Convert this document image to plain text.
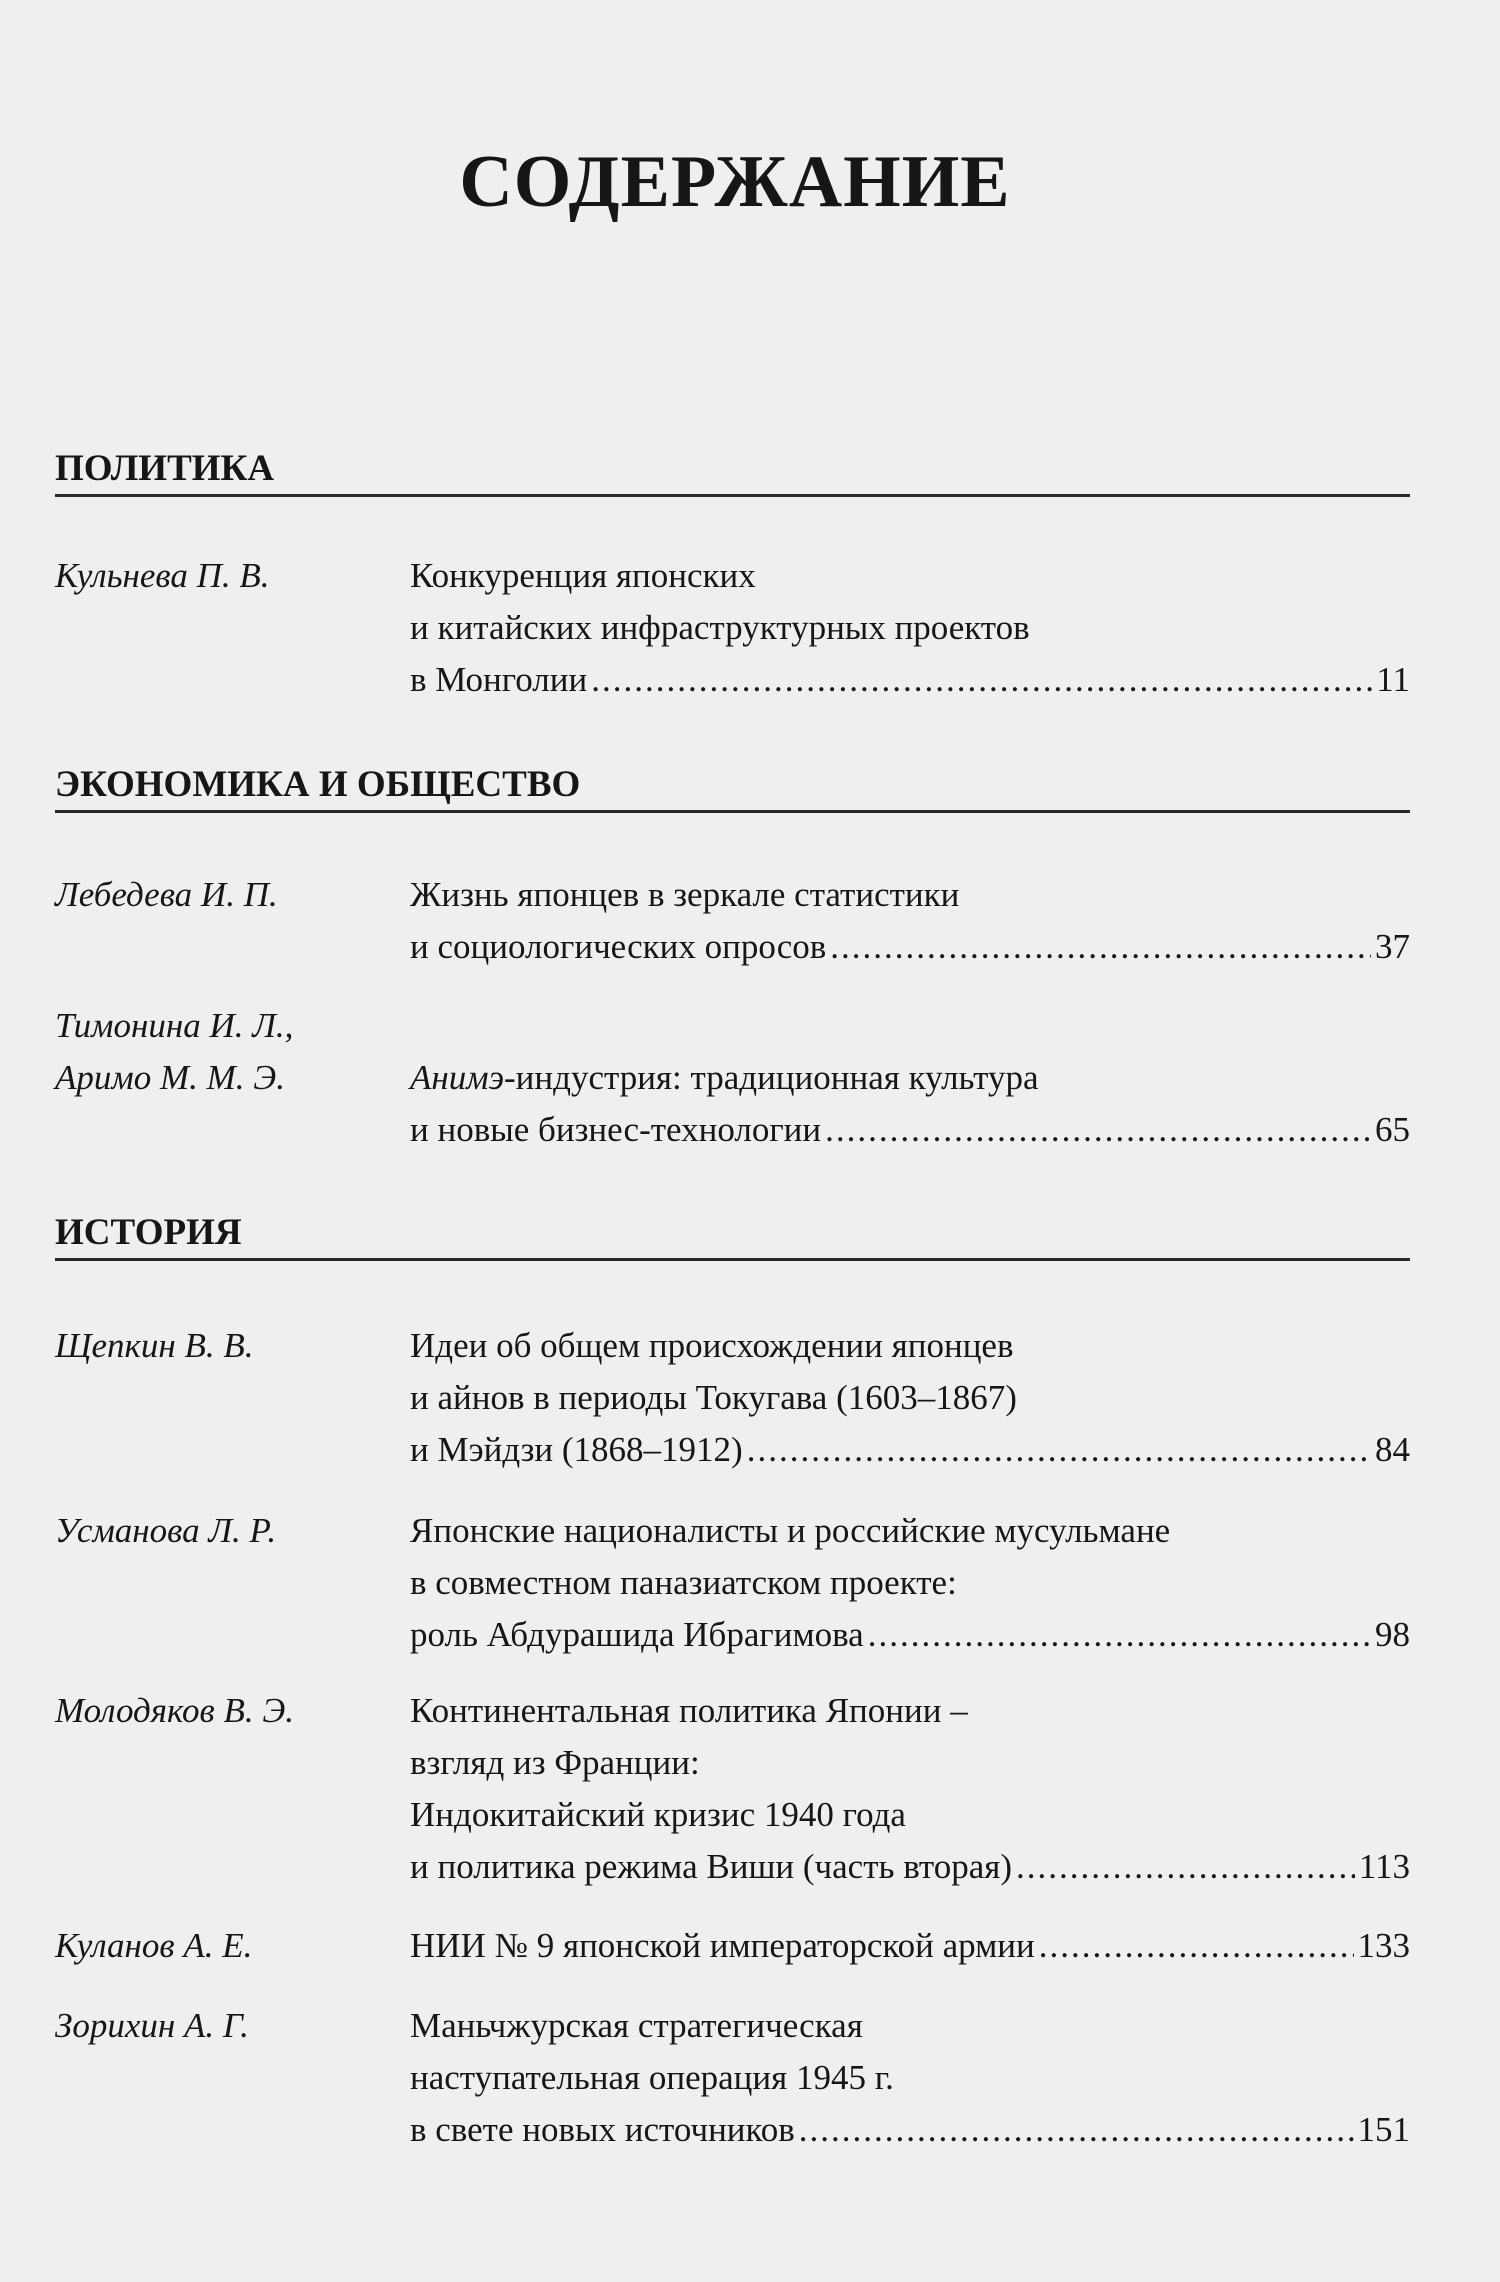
СОДЕРЖАНИЕ
ПОЛИТИКА
Кульнева П. В.	Конкуренция японских
и китайских инфраструктурных проектов
в Монголии .....	11
ЭКОНОМИКА И ОБЩЕСТВО
Лебедева И. П.	Жизнь японцев в зеркале статистики
и социологических опросов .....	37
Тимонина И. Л.,
Аримо М. М. Э.	Анимэ-индустрия: традиционная культура
и новые бизнес-технологии .....	65
ИСТОРИЯ
Щепкин В. В.	Идеи об общем происхождении японцев
и айнов в периоды Токугава (1603–1867)
и Мэйдзи (1868–1912) .....	84
Усманова Л. Р.	Японские националисты и российские мусульмане
в совместном паназиатском проекте:
роль Абдурашида Ибрагимова .....	98
Молодяков В. Э.	Континентальная политика Японии –
взгляд из Франции:
Индокитайский кризис 1940 года
и политика режима Виши (часть вторая) .....	113
Куланов А. Е.	НИИ № 9 японской императорской армии .....	133
Зорихин А. Г.	Маньчжурская стратегическая
наступательная операция 1945 г.
в свете новых источников .....	151
